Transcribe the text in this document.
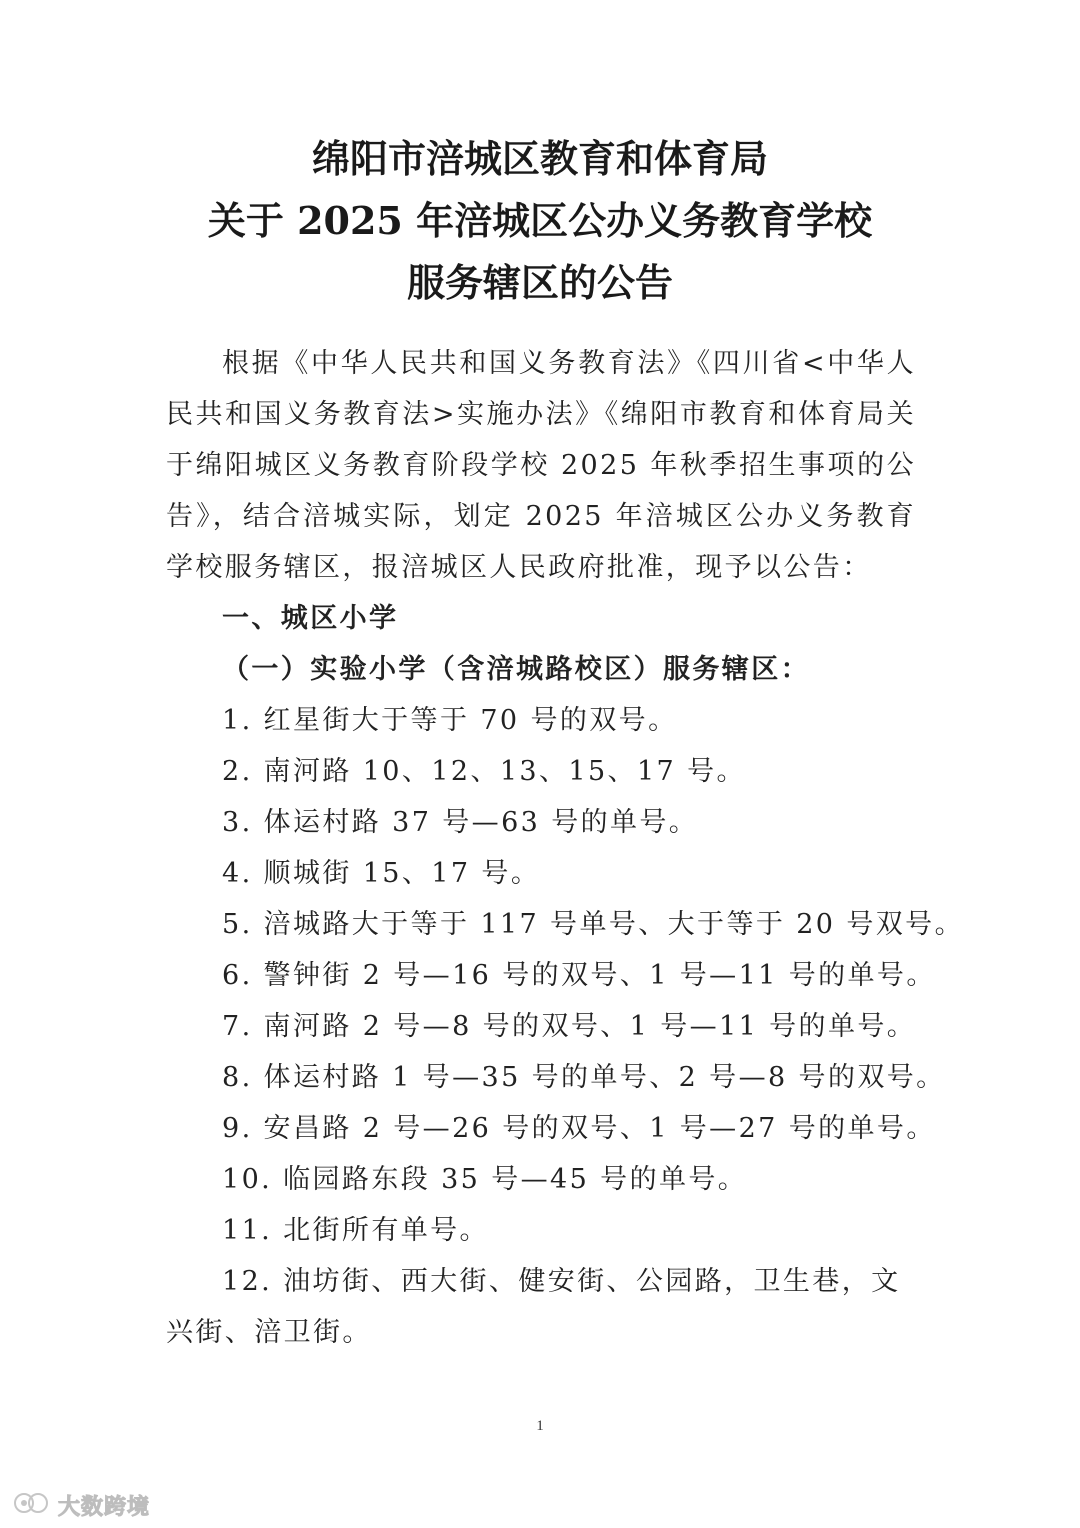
绵阳市涪城区教育和体育局
关于 2025 年涪城区公办义务教育学校
服务辖区的公告
根据《中华人民共和国义务教育法》《四川省<中华人民共和国义务教育法>实施办法》《绵阳市教育和体育局关于绵阳城区义务教育阶段学校 2025 年秋季招生事项的公告》，结合涪城实际，划定 2025 年涪城区公办义务教育学校服务辖区，报涪城区人民政府批准，现予以公告：
一、城区小学
（一）实验小学（含涪城路校区）服务辖区：
1. 红星街大于等于 70 号的双号。
2. 南河路 10、12、13、15、17 号。
3. 体运村路 37 号—63 号的单号。
4. 顺城街 15、17 号。
5. 涪城路大于等于 117 号单号、大于等于 20 号双号。
6. 警钟街 2 号—16 号的双号、1 号—11 号的单号。
7. 南河路 2 号—8 号的双号、1 号—11 号的单号。
8. 体运村路 1 号—35 号的单号、2 号—8 号的双号。
9. 安昌路 2 号—26 号的双号、1 号—27 号的单号。
10. 临园路东段 35 号—45 号的单号。
11. 北街所有单号。
12. 油坊街、西大街、健安街、公园路，卫生巷，文兴街、涪卫街。
1
大数跨境
